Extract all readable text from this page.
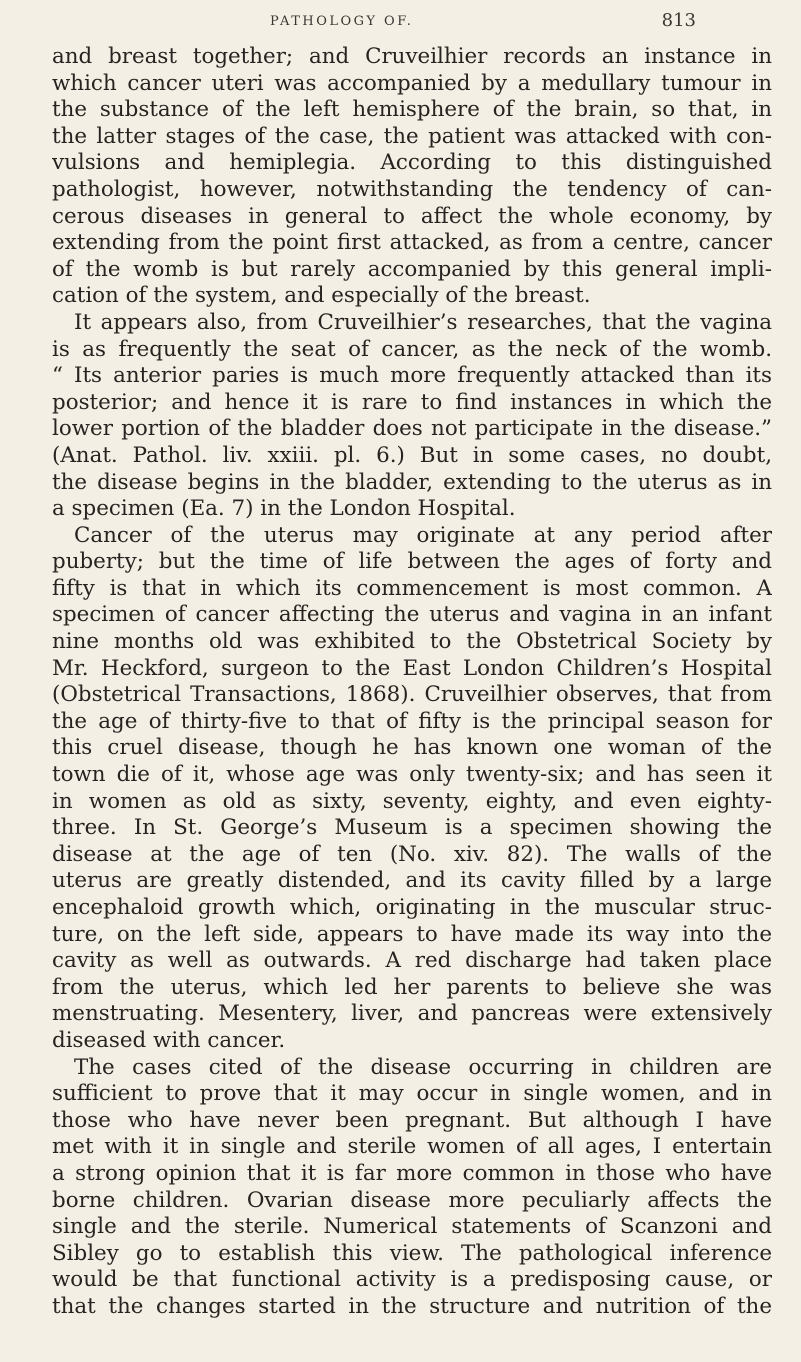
PATHOLOGY OF.	813
and breast together; and Cruveilhier records an instance in
which cancer uteri was accompanied by a medullary tumour in
the substance of the left hemisphere of the brain, so that, in
the latter stages of the case, the patient was attacked with con-
vulsions and hemiplegia. According to this distinguished
pathologist, however, notwithstanding the tendency of can-
cerous diseases in general to affect the whole economy, by
extending from the point first attacked, as from a centre, cancer
of the womb is but rarely accompanied by this general impli-
cation of the system, and especially of the breast.
It appears also, from Cruveilhier’s researches, that the vagina
is as frequently the seat of cancer, as the neck of the womb.
“ Its anterior paries is much more frequently attacked than its
posterior; and hence it is rare to find instances in which the
lower portion of the bladder does not participate in the disease.”
(Anat. Pathol. liv. xxiii. pl. 6.) But in some cases, no doubt,
the disease begins in the bladder, extending to the uterus as in
a specimen (Ea. 7) in the London Hospital.
Cancer of the uterus may originate at any period after
puberty; but the time of life between the ages of forty and
fifty is that in which its commencement is most common. A
specimen of cancer affecting the uterus and vagina in an infant
nine months old was exhibited to the Obstetrical Society by
Mr. Heckford, surgeon to the East London Children’s Hospital
(Obstetrical Transactions, 1868). Cruveilhier observes, that from
the age of thirty-five to that of fifty is the principal season for
this cruel disease, though he has known one woman of the
town die of it, whose age was only twenty-six; and has seen it
in women as old as sixty, seventy, eighty, and even eighty-
three. In St. George’s Museum is a specimen showing the
disease at the age of ten (No. xiv. 82). The walls of the
uterus are greatly distended, and its cavity filled by a large
encephaloid growth which, originating in the muscular struc-
ture, on the left side, appears to have made its way into the
cavity as well as outwards. A red discharge had taken place
from the uterus, which led her parents to believe she was
menstruating. Mesentery, liver, and pancreas were extensively
diseased with cancer.
The cases cited of the disease occurring in children are
sufficient to prove that it may occur in single women, and in
those who have never been pregnant. But although I have
met with it in single and sterile women of all ages, I entertain
a strong opinion that it is far more common in those who have
borne children. Ovarian disease more peculiarly affects the
single and the sterile. Numerical statements of Scanzoni and
Sibley go to establish this view. The pathological inference
would be that functional activity is a predisposing cause, or
that the changes started in the structure and nutrition of the
